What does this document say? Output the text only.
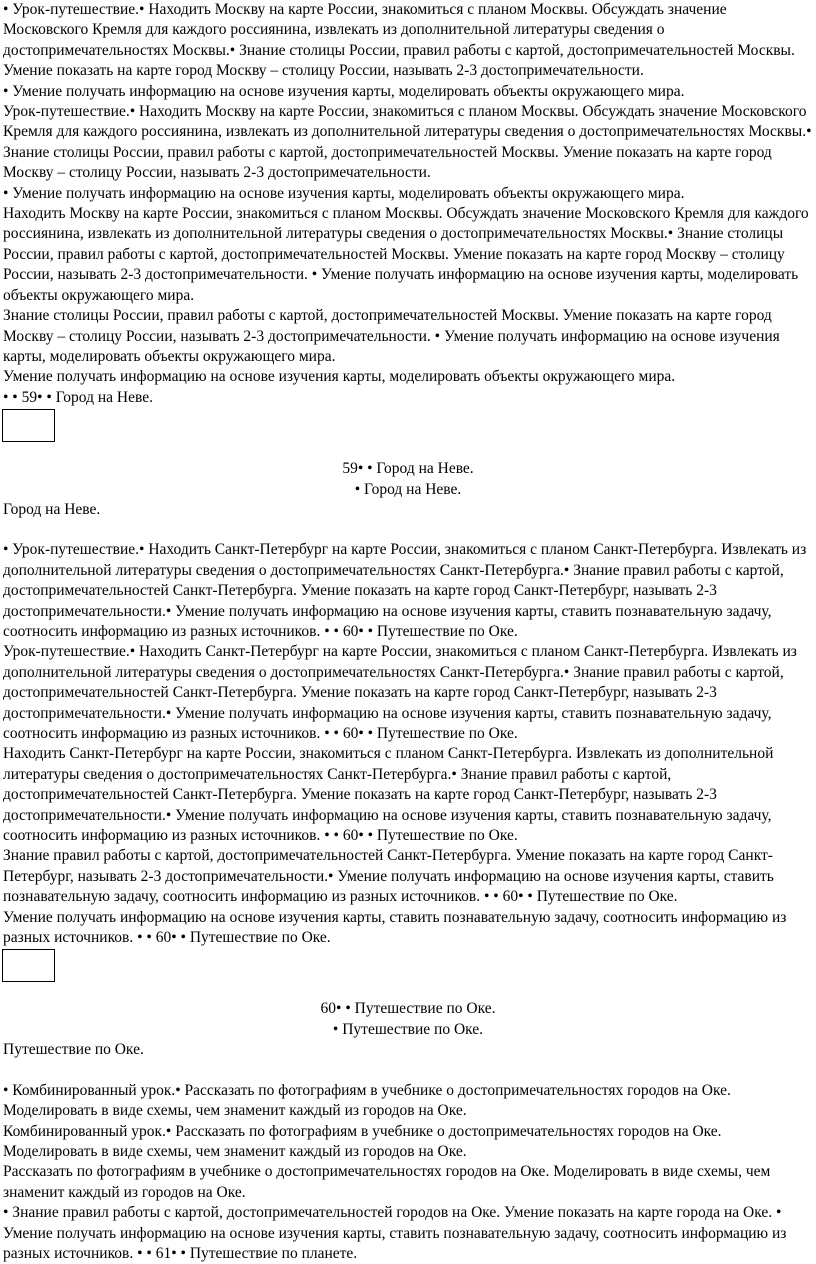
• Урок-путешествие.• Находить Москву на карте России, знакомиться с планом Москвы. Обсуждать значение Московского Кремля для каждого россиянина, извлекать из дополнительной литературы сведения о достопримечательностях Москвы.• Знание столицы России, правил работы с картой, достопримечательностей Москвы. Умение показать на карте город Москву – столицу России, называть 2-3 достопримечательности.

• Умение получать информацию на основе изучения карты, моделировать объекты окружающего мира.

Урок-путешествие.• Находить Москву на карте России, знакомиться с планом Москвы. Обсуждать значение Московского Кремля для каждого россиянина, извлекать из дополнительной литературы сведения о достопримечательностях Москвы.• Знание столицы России, правил работы с картой, достопримечательностей Москвы. Умение показать на карте город Москву – столицу России, называть 2-3 достопримечательности.

• Умение получать информацию на основе изучения карты, моделировать объекты окружающего мира.

Находить Москву на карте России, знакомиться с планом Москвы. Обсуждать значение Московского Кремля для каждого россиянина, извлекать из дополнительной литературы сведения о достопримечательностях Москвы.• Знание столицы России, правил работы с картой, достопримечательностей Москвы. Умение показать на карте город Москву – столицу России, называть 2-3 достопримечательности. • Умение получать информацию на основе изучения карты, моделировать объекты окружающего мира.

Знание столицы России, правил работы с картой, достопримечательностей Москвы. Умение показать на карте город Москву – столицу России, называть 2-3 достопримечательности. • Умение получать информацию на основе изучения карты, моделировать объекты окружающего мира.

Умение получать информацию на основе изучения карты, моделировать объекты окружающего мира.

• • 59• • Город на Неве.

59• • Город на Неве.

• Город на Неве.

Город на Неве.

• Урок-путешествие.• Находить Санкт-Петербург на карте России, знакомиться с планом Санкт-Петербурга. Извлекать из дополнительной литературы сведения о достопримечательностях Санкт-Петербурга.• Знание правил работы с картой, достопримечательностей Санкт-Петербурга. Умение показать на карте город Санкт-Петербург, называть 2-3 достопримечательности.• Умение получать информацию на основе изучения карты, ставить познавательную задачу, соотносить информацию из разных источников. • • 60• • Путешествие по Оке.

Урок-путешествие.• Находить Санкт-Петербург на карте России, знакомиться с планом Санкт-Петербурга. Извлекать из дополнительной литературы сведения о достопримечательностях Санкт-Петербурга.• Знание правил работы с картой, достопримечательностей Санкт-Петербурга. Умение показать на карте город Санкт-Петербург, называть 2-3 достопримечательности.• Умение получать информацию на основе изучения карты, ставить познавательную задачу, соотносить информацию из разных источников. • • 60• • Путешествие по Оке.

Находить Санкт-Петербург на карте России, знакомиться с планом Санкт-Петербурга. Извлекать из дополнительной литературы сведения о достопримечательностях Санкт-Петербурга.• Знание правил работы с картой, достопримечательностей Санкт-Петербурга. Умение показать на карте город Санкт-Петербург, называть 2-3 достопримечательности.• Умение получать информацию на основе изучения карты, ставить познавательную задачу, соотносить информацию из разных источников. • • 60• • Путешествие по Оке.

Знание правил работы с картой, достопримечательностей Санкт-Петербурга. Умение показать на карте город Санкт-Петербург, называть 2-3 достопримечательности.• Умение получать информацию на основе изучения карты, ставить познавательную задачу, соотносить информацию из разных источников. • • 60• • Путешествие по Оке.

Умение получать информацию на основе изучения карты, ставить познавательную задачу, соотносить информацию из разных источников. • • 60• • Путешествие по Оке.

60• • Путешествие по Оке.

• Путешествие по Оке.

Путешествие по Оке.

• Комбинированный урок.• Рассказать по фотографиям в учебнике о достопримечательностях городов на Оке. Моделировать в виде схемы, чем знаменит каждый из городов на Оке.

Комбинированный урок.• Рассказать по фотографиям в учебнике о достопримечательностях городов на Оке. Моделировать в виде схемы, чем знаменит каждый из городов на Оке.

Рассказать по фотографиям в учебнике о достопримечательностях городов на Оке. Моделировать в виде схемы, чем знаменит каждый из городов на Оке.

• Знание правил работы с картой, достопримечательностей городов на Оке. Умение показать на карте города на Оке. • Умение получать информацию на основе изучения карты, ставить познавательную задачу, соотносить информацию из разных источников. • • 61• • Путешествие по планете.
